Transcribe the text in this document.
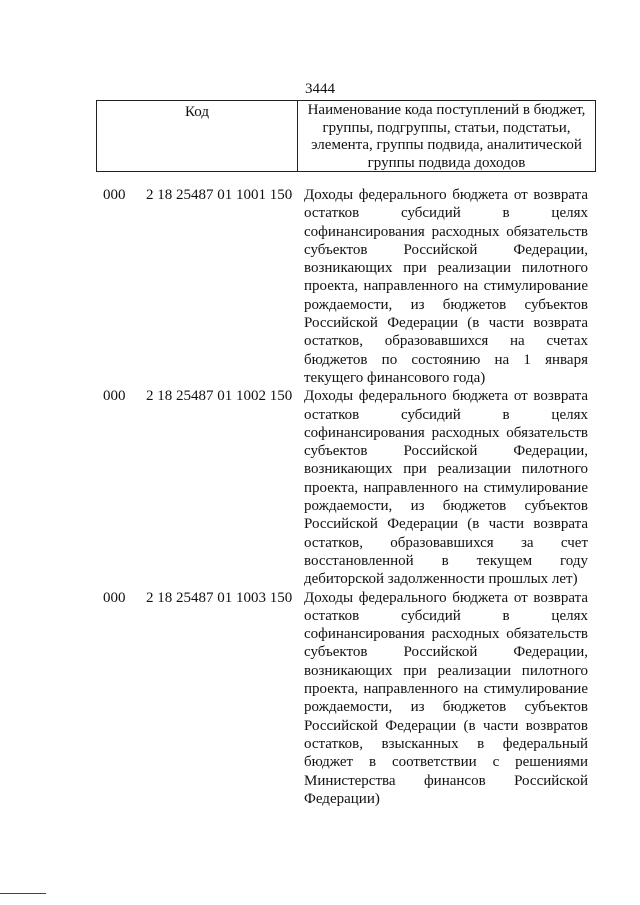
3444
Код	Наименование кода поступлений в бюджет, группы, подгруппы, статьи, подстатьи, элемента, группы подвида, аналитической группы подвида доходов
000 2 18 25487 01 1001 150 Доходы федерального бюджета от возврата остатков субсидий в целях софинансирования расходных обязательств субъектов Российской Федерации, возникающих при реализации пилотного проекта, направленного на стимулирование рождаемости, из бюджетов субъектов Российской Федерации (в части возврата остатков, образовавшихся на счетах бюджетов по состоянию на 1 января текущего финансового года)
000 2 18 25487 01 1002 150 Доходы федерального бюджета от возврата остатков субсидий в целях софинансирования расходных обязательств субъектов Российской Федерации, возникающих при реализации пилотного проекта, направленного на стимулирование рождаемости, из бюджетов субъектов Российской Федерации (в части возврата остатков, образовавшихся за счет восстановленной в текущем году дебиторской задолженности прошлых лет)
000 2 18 25487 01 1003 150 Доходы федерального бюджета от возврата остатков субсидий в целях софинансирования расходных обязательств субъектов Российской Федерации, возникающих при реализации пилотного проекта, направленного на стимулирование рождаемости, из бюджетов субъектов Российской Федерации (в части возвратов остатков, взысканных в федеральный бюджет в соответствии с решениями Министерства финансов Российской Федерации)
